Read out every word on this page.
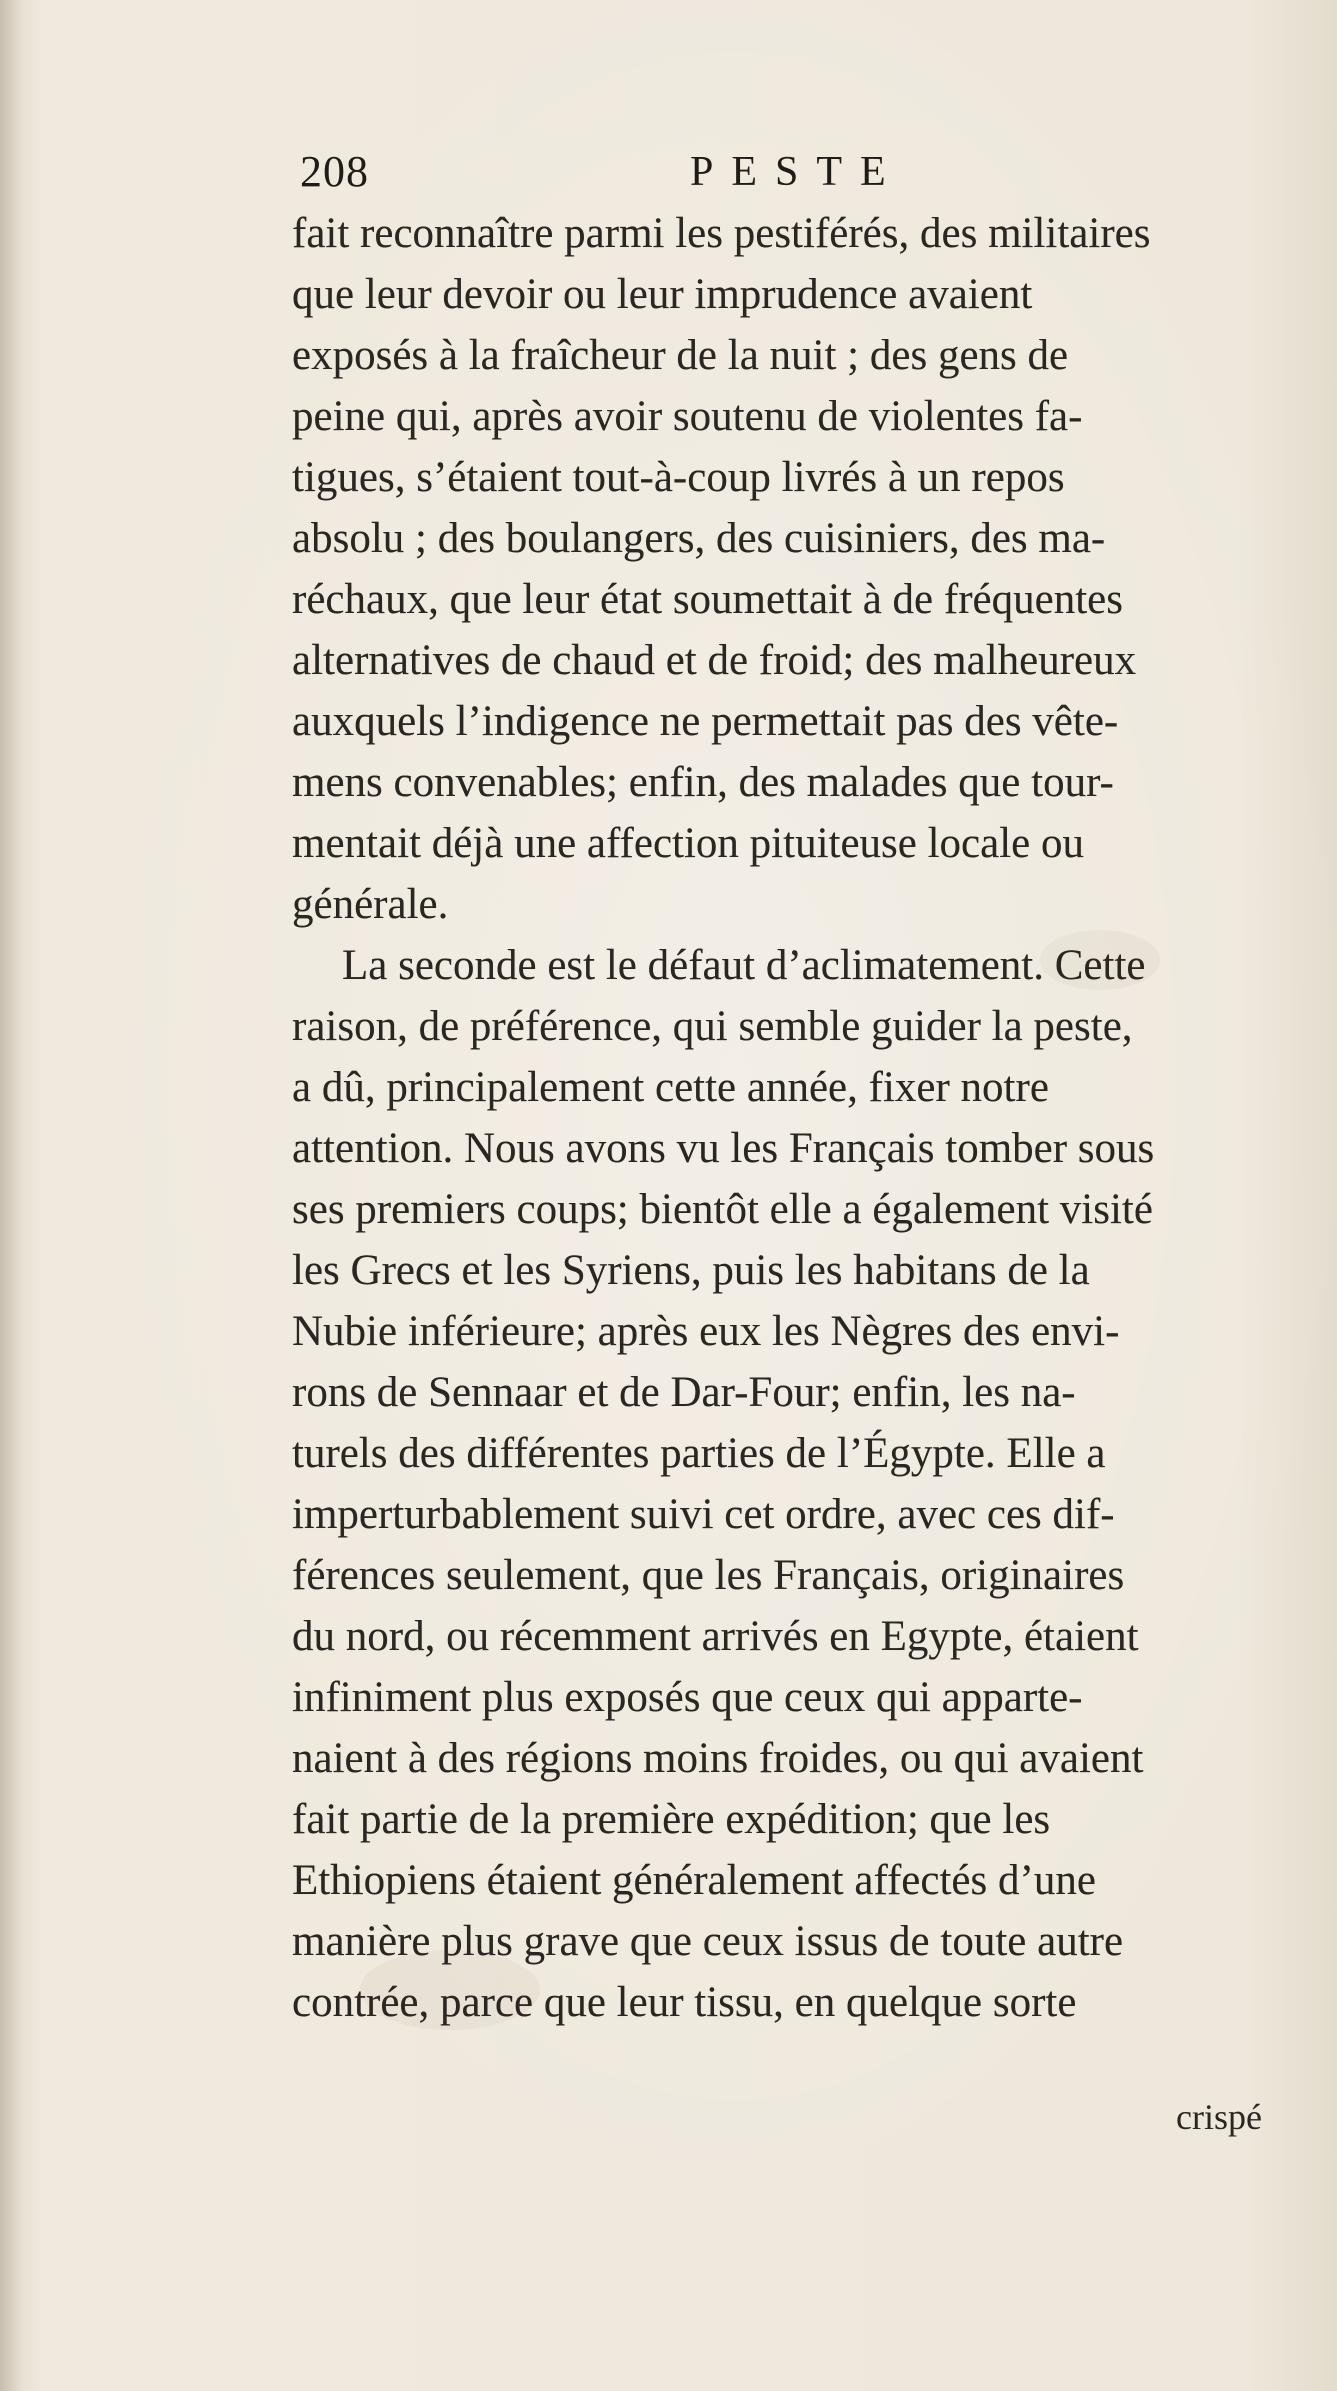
208	PESTE
fait reconnaître parmi les pestiférés, des militaires
que leur devoir ou leur imprudence avaient
exposés à la fraîcheur de la nuit ; des gens de
peine qui, après avoir soutenu de violentes fa-
tigues, s’étaient tout-à-coup livrés à un repos
absolu ; des boulangers, des cuisiniers, des ma-
réchaux, que leur état soumettait à de fréquentes
alternatives de chaud et de froid; des malheureux
auxquels l’indigence ne permettait pas des vête-
mens convenables; enfin, des malades que tour-
mentait déjà une affection pituiteuse locale ou
générale.
La seconde est le défaut d’aclimatement. Cette
raison, de préférence, qui semble guider la peste,
a dû, principalement cette année, fixer notre
attention. Nous avons vu les Français tomber sous
ses premiers coups; bientôt elle a également visité
les Grecs et les Syriens, puis les habitans de la
Nubie inférieure; après eux les Nègres des envi-
rons de Sennaar et de Dar-Four; enfin, les na-
turels des différentes parties de l’Égypte. Elle a
imperturbablement suivi cet ordre, avec ces dif-
férences seulement, que les Français, originaires
du nord, ou récemment arrivés en Egypte, étaient
infiniment plus exposés que ceux qui apparte-
naient à des régions moins froides, ou qui avaient
fait partie de la première expédition; que les
Ethiopiens étaient généralement affectés d’une
manière plus grave que ceux issus de toute autre
contrée, parce que leur tissu, en quelque sorte
crispé
